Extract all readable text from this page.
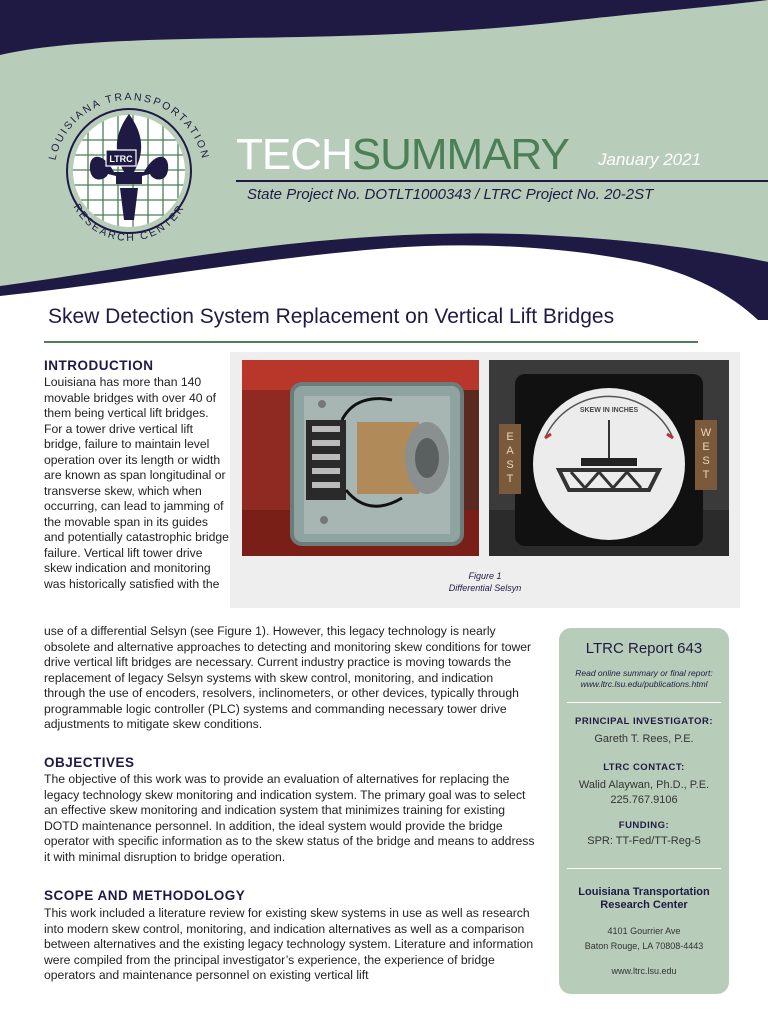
LTRC
LOUISIANA TRANSPORTATION
RESEARCH CENTER
TECHSUMMARY January 2021
State Project No. DOTLT1000343 / LTRC Project No. 20-2ST
Skew Detection System Replacement on Vertical Lift Bridges
INTRODUCTION
Louisiana has more than 140 movable bridges with over 40 of them being vertical lift bridges. For a tower drive vertical lift bridge, failure to maintain level operation over its length or width are known as span longitudinal or transverse skew, which when occurring, can lead to jamming of the movable span in its guides and potentially catastrophic bridge failure. Vertical lift tower drive skew indication and monitoring was historically satisfied with the
use of a differential Selsyn (see Figure 1). However, this legacy technology is nearly obsolete and alternative approaches to detecting and monitoring skew conditions for tower drive vertical lift bridges are necessary. Current industry practice is moving towards the replacement of legacy Selsyn systems with skew control, monitoring, and indication through the use of encoders, resolvers, inclinometers, or other devices, typically through programmable logic controller (PLC) systems and commanding necessary tower drive adjustments to mitigate skew conditions.
E
A
S
T
W
E
S
T
SKEW IN INCHES
Figure 1
Differential Selsyn
OBJECTIVES
The objective of this work was to provide an evaluation of alternatives for replacing the legacy technology skew monitoring and indication system. The primary goal was to select an effective skew monitoring and indication system that minimizes training for existing DOTD maintenance personnel. In addition, the ideal system would provide the bridge operator with specific information as to the skew status of the bridge and means to address it with minimal disruption to bridge operation.
SCOPE AND METHODOLOGY
This work included a literature review for existing skew systems in use as well as research into modern skew control, monitoring, and indication alternatives as well as a comparison between alternatives and the existing legacy technology system. Literature and information were compiled from the principal investigator’s experience, the experience of bridge operators and maintenance personnel on existing vertical lift
LTRC Report 643
Read online summary or final report:
www.ltrc.lsu.edu/publications.html
PRINCIPAL INVESTIGATOR:
Gareth T. Rees, P.E.
LTRC CONTACT:
Walid Alaywan, Ph.D., P.E.
225.767.9106
FUNDING:
SPR: TT-Fed/TT-Reg-5
Louisiana Transportation
Research Center
4101 Gourrier Ave
Baton Rouge, LA 70808-4443
www.ltrc.lsu.edu
